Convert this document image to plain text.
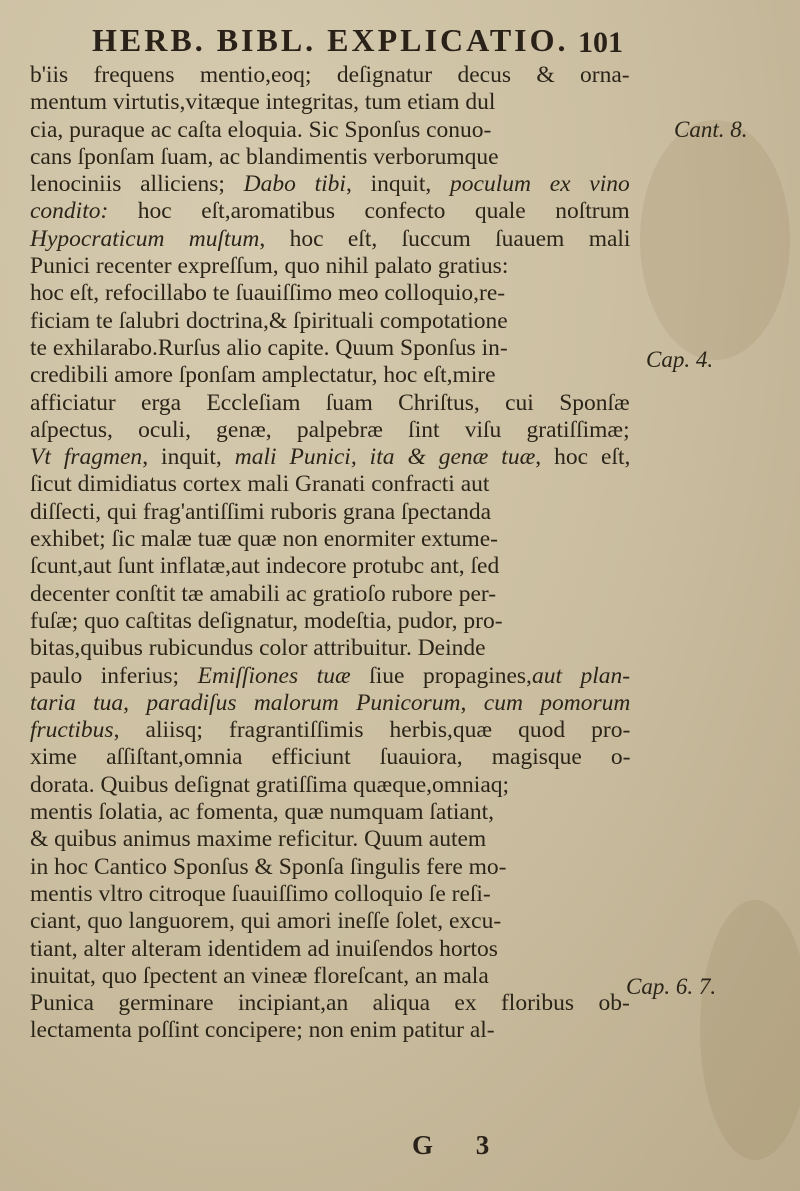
HERB. BIBL. EXPLICATIO. 101
b'iis frequens mentio,eoq; deſignatur decus & orna-
mentum virtutis,vitæque integritas, tum etiam dul
cia, puraque ac caſta eloquia. Sic Sponſus conuo-
cans ſponſam ſuam, ac blandimentis verborumque
lenociniis alliciens; Dabo tibi, inquit, poculum ex vino
condito: hoc eſt,aromatibus confecto quale noſtrum
Hypocraticum muſtum, hoc eſt, ſuccum ſuauem mali
Punici recenter expreſſum, quo nihil palato gratius:
hoc eſt, refocillabo te ſuauiſſimo meo colloquio,re-
ficiam te ſalubri doctrina,& ſpirituali compotatione
te exhilarabo.Rurſus alio capite. Quum Sponſus in-
credibili amore ſponſam amplectatur, hoc eſt,mire
afficiatur erga Eccleſiam ſuam Chriſtus, cui Sponſæ
aſpectus, oculi, genæ, palpebræ ſint viſu gratiſſimæ;
Vt fragmen, inquit, mali Punici, ita & genæ tuæ, hoc eſt,
ſicut dimidiatus cortex mali Granati confracti aut
diſſecti, qui frag'antiſſimi ruboris grana ſpectanda
exhibet; ſic malæ tuæ quæ non enormiter extume-
ſcunt,aut ſunt inflatæ,aut indecore protubc ant, ſed
decenter conſtit tæ amabili ac gratioſo rubore per-
fuſæ; quo caſtitas deſignatur, modeſtia, pudor, pro-
bitas,quibus rubicundus color attribuitur. Deinde
paulo inferius; Emiſſiones tuæ ſiue propagines,aut plan-
taria tua, paradiſus malorum Punicorum, cum pomorum
fructibus, aliisq; fragrantiſſimis herbis,quæ quod pro-
xime aſſiſtant,omnia efficiunt ſuauiora, magisque o-
dorata. Quibus deſignat gratiſſima quæque,omniaq;
mentis ſolatia, ac fomenta, quæ numquam ſatiant,
& quibus animus maxime reficitur. Quum autem
in hoc Cantico Sponſus & Sponſa ſingulis fere mo-
mentis vltro citroque ſuauiſſimo colloquio ſe reſi-
ciant, quo languorem, qui amori ineſſe ſolet, excu-
tiant, alter alteram identidem ad inuiſendos hortos
inuitat, quo ſpectent an vineæ floreſcant, an mala
Punica germinare incipiant,an aliqua ex floribus ob-
lectamenta poſſint concipere; non enim patitur al-
Cant. 8.
Cap. 4.
Cap. 6. 7.
G 3
